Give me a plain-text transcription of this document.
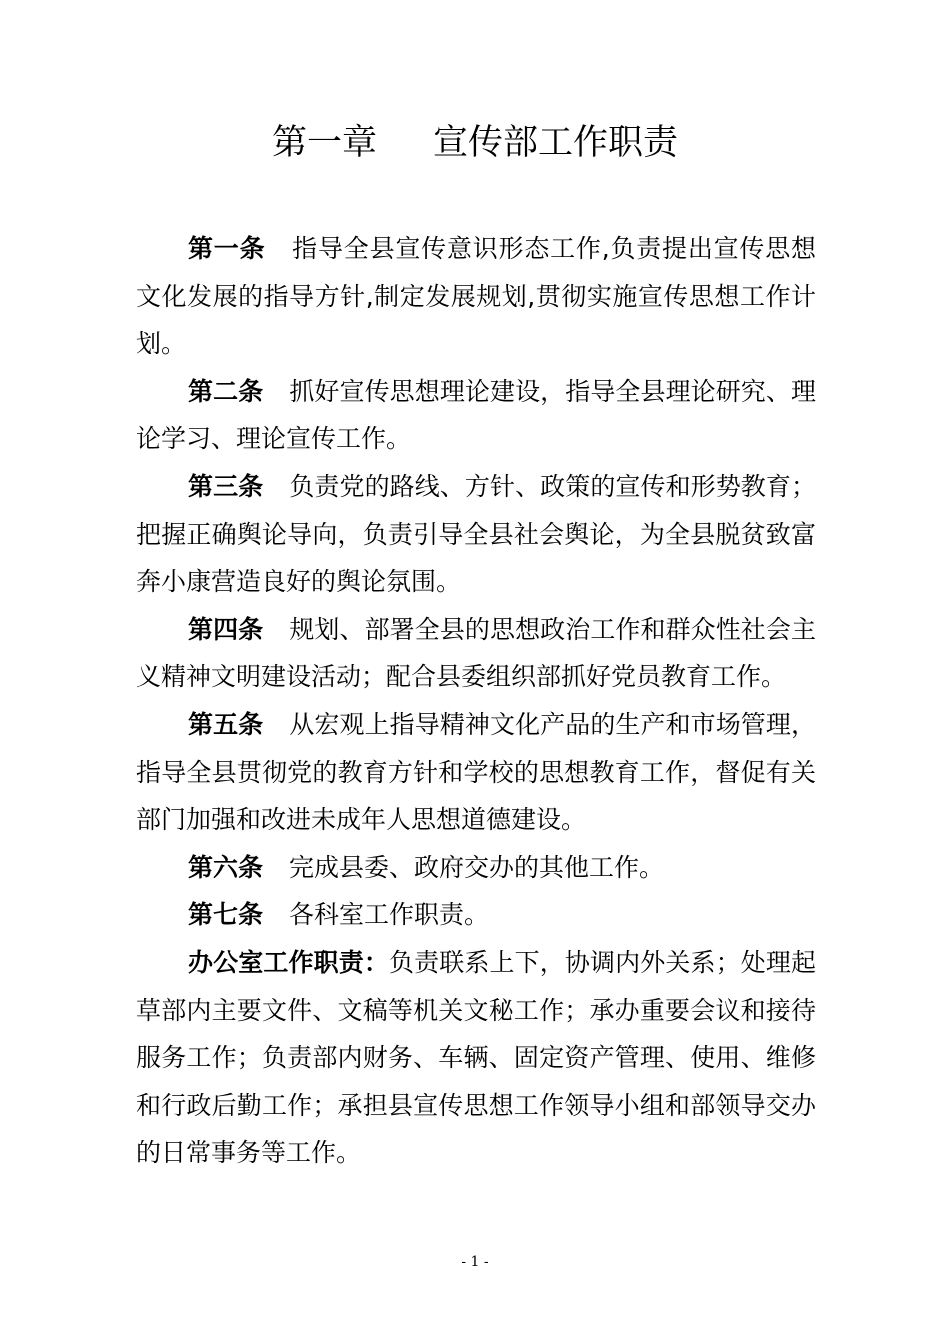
第一章 宣传部工作职责

第一条 指导全县宣传意识形态工作,负责提出宣传思想文化发展的指导方针,制定发展规划,贯彻实施宣传思想工作计划。

第二条 抓好宣传思想理论建设，指导全县理论研究、理论学习、理论宣传工作。

第三条 负责党的路线、方针、政策的宣传和形势教育；把握正确舆论导向，负责引导全县社会舆论，为全县脱贫致富奔小康营造良好的舆论氛围。

第四条 规划、部署全县的思想政治工作和群众性社会主义精神文明建设活动；配合县委组织部抓好党员教育工作。

第五条 从宏观上指导精神文化产品的生产和市场管理，指导全县贯彻党的教育方针和学校的思想教育工作，督促有关部门加强和改进未成年人思想道德建设。

第六条 完成县委、政府交办的其他工作。

第七条 各科室工作职责。

办公室工作职责：负责联系上下，协调内外关系；处理起草部内主要文件、文稿等机关文秘工作；承办重要会议和接待服务工作；负责部内财务、车辆、固定资产管理、使用、维修和行政后勤工作；承担县宣传思想工作领导小组和部领导交办的日常事务等工作。

- 1 -
